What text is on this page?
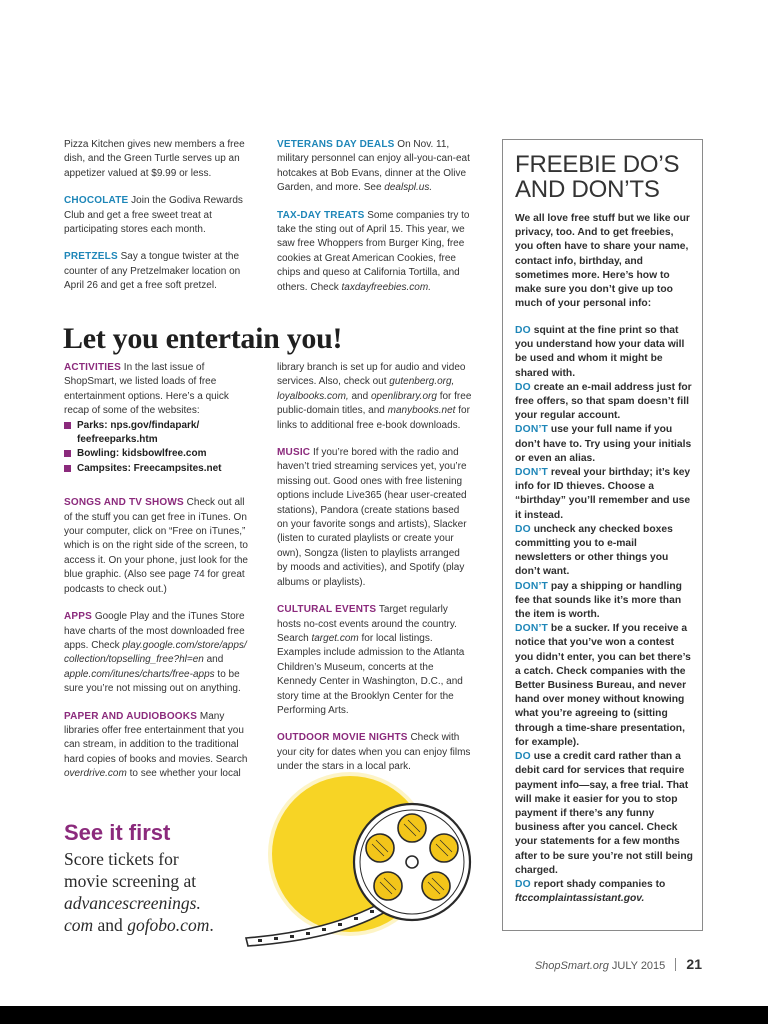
Pizza Kitchen gives new members a free dish, and the Green Turtle serves up an appetizer valued at $9.99 or less.

CHOCOLATE Join the Godiva Rewards Club and get a free sweet treat at participating stores each month.

PRETZELS Say a tongue twister at the counter of any Pretzelmaker location on April 26 and get a free soft pretzel.

VETERANS DAY DEALS On Nov. 11, military personnel can enjoy all-you-can-eat hotcakes at Bob Evans, dinner at the Olive Garden, and more. See dealspl.us.

TAX-DAY TREATS Some companies try to take the sting out of April 15. This year, we saw free Whoppers from Burger King, free cookies at Great American Cookies, free chips and queso at California Tortilla, and others. Check taxdayfreebies.com.

Let you entertain you!

ACTIVITIES In the last issue of ShopSmart, we listed loads of free entertainment options. Here’s a quick recap of some of the websites:

Parks: nps.gov/findapark/ feefreeparks.htm
Bowling: kidsbowlfree.com
Campsites: Freecampsites.net

SONGS AND TV SHOWS Check out all of the stuff you can get free in iTunes. On your computer, click on “Free on iTunes,” which is on the right side of the screen, to access it. On your phone, just look for the blue graphic. (Also see page 74 for great podcasts to check out.)

APPS Google Play and the iTunes Store have charts of the most downloaded free apps. Check play.google.com/store/apps/ collection/topselling_free?hl=en and apple.com/itunes/charts/free-apps to be sure you’re not missing out on anything.

PAPER AND AUDIOBOOKS Many libraries offer free entertainment that you can stream, in addition to the traditional hard copies of books and movies. Search overdrive.com to see whether your local

library branch is set up for audio and video services. Also, check out gutenberg.org, loyalbooks.com, and openlibrary.org for free public-domain titles, and manybooks.net for links to additional free e-book downloads.

MUSIC If you’re bored with the radio and haven’t tried streaming services yet, you’re missing out. Good ones with free listening options include Live365 (hear user-created stations), Pandora (create stations based on your favorite songs and artists), Slacker (listen to curated playlists or create your own), Songza (listen to playlists arranged by moods and activities), and Spotify (play albums or playlists).

CULTURAL EVENTS Target regularly hosts no-cost events around the country. Search target.com for local listings. Examples include admission to the Atlanta Children’s Museum, concerts at the Kennedy Center in Washington, D.C., and story time at the Brooklyn Center for the Performing Arts.

OUTDOOR MOVIE NIGHTS Check with your city for dates when you can enjoy films under the stars in a local park.

See it first
Score tickets for
movie screening at
advancescreenings.
com and gofobo.com.
FREEBIE DO’S AND DON’TS

We all love free stuff but we like our privacy, too. And to get freebies, you often have to share your name, contact info, birthday, and sometimes more. Here’s how to make sure you don’t give up too much of your personal info:

DO squint at the fine print so that you understand how your data will be used and whom it might be shared with.

DO create an e-mail address just for free offers, so that spam doesn’t fill your regular account.

DON’T use your full name if you don’t have to. Try using your initials or even an alias.

DON’T reveal your birthday; it’s key info for ID thieves. Choose a “birthday” you’ll remember and use it instead.

DO uncheck any checked boxes committing you to e-mail newsletters or other things you don’t want.

DON’T pay a shipping or handling fee that sounds like it’s more than the item is worth.

DON’T be a sucker. If you receive a notice that you’ve won a contest you didn’t enter, you can bet there’s a catch. Check companies with the Better Business Bureau, and never hand over money without knowing what you’re agreeing to (sitting through a time-share presentation, for example).

DO use a credit card rather than a debit card for services that require payment info—say, a free trial. That will make it easier for you to stop payment if there’s any funny business after you cancel. Check your statements for a few months after to be sure you’re not still being charged.

DO report shady companies to ftccomplaintassistant.gov.

ShopSmart.org JULY 2015 21
